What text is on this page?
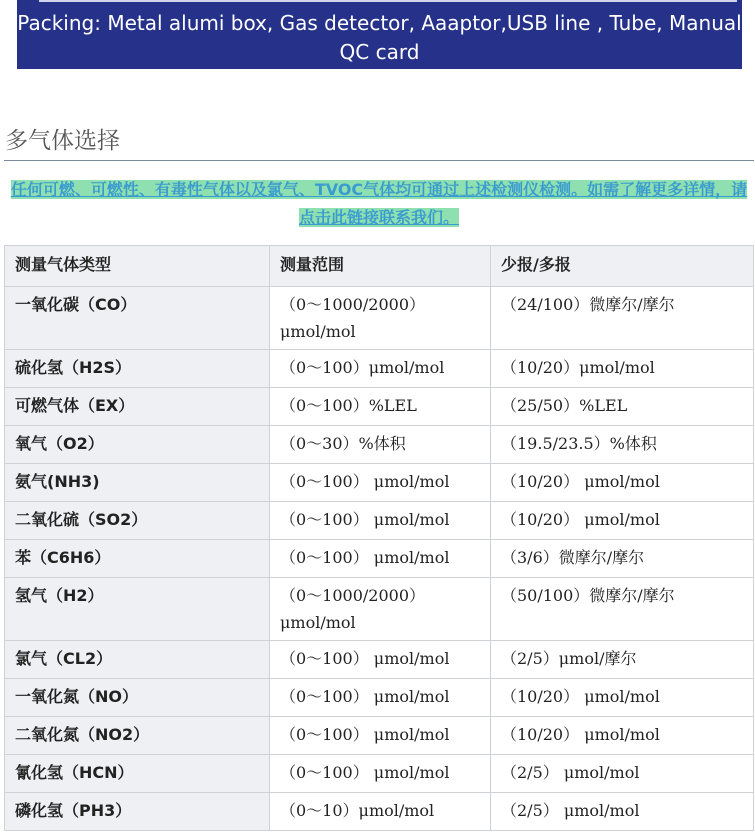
Packing: Metal alumi box, Gas detector, Aaaptor,USB line , Tube, Manual QC card
多气体选择
任何可燃、可燃性、有毒性气体以及氯气、TVOC气体均可通过上述检测仪检测。如需了解更多详情，请点击此链接联系我们。
测量气体类型	测量范围	少报/多报
一氧化碳（CO）	（0～1000/2000）μmol/mol	（24/100）微摩尔/摩尔
硫化氢（H2S）	（0～100）μmol/mol	（10/20）μmol/mol
可燃气体（EX）	（0～100）%LEL	（25/50）%LEL
氧气（O2）	（0～30）%体积	（19.5/23.5）%体积
氨气(NH3)	（0～100） μmol/mol	（10/20） μmol/mol
二氧化硫（SO2）	（0～100） μmol/mol	（10/20） μmol/mol
苯（C6H6）	（0～100） μmol/mol	（3/6）微摩尔/摩尔
氢气（H2）	（0～1000/2000）μmol/mol	（50/100）微摩尔/摩尔
氯气（CL2）	（0～100） μmol/mol	（2/5）μmol/摩尔
一氧化氮（NO）	（0～100） μmol/mol	（10/20） μmol/mol
二氧化氮（NO2）	（0～100） μmol/mol	（10/20） μmol/mol
氰化氢（HCN）	（0～100） μmol/mol	（2/5） μmol/mol
磷化氢（PH3）	（0～10）μmol/mol	（2/5） μmol/mol
